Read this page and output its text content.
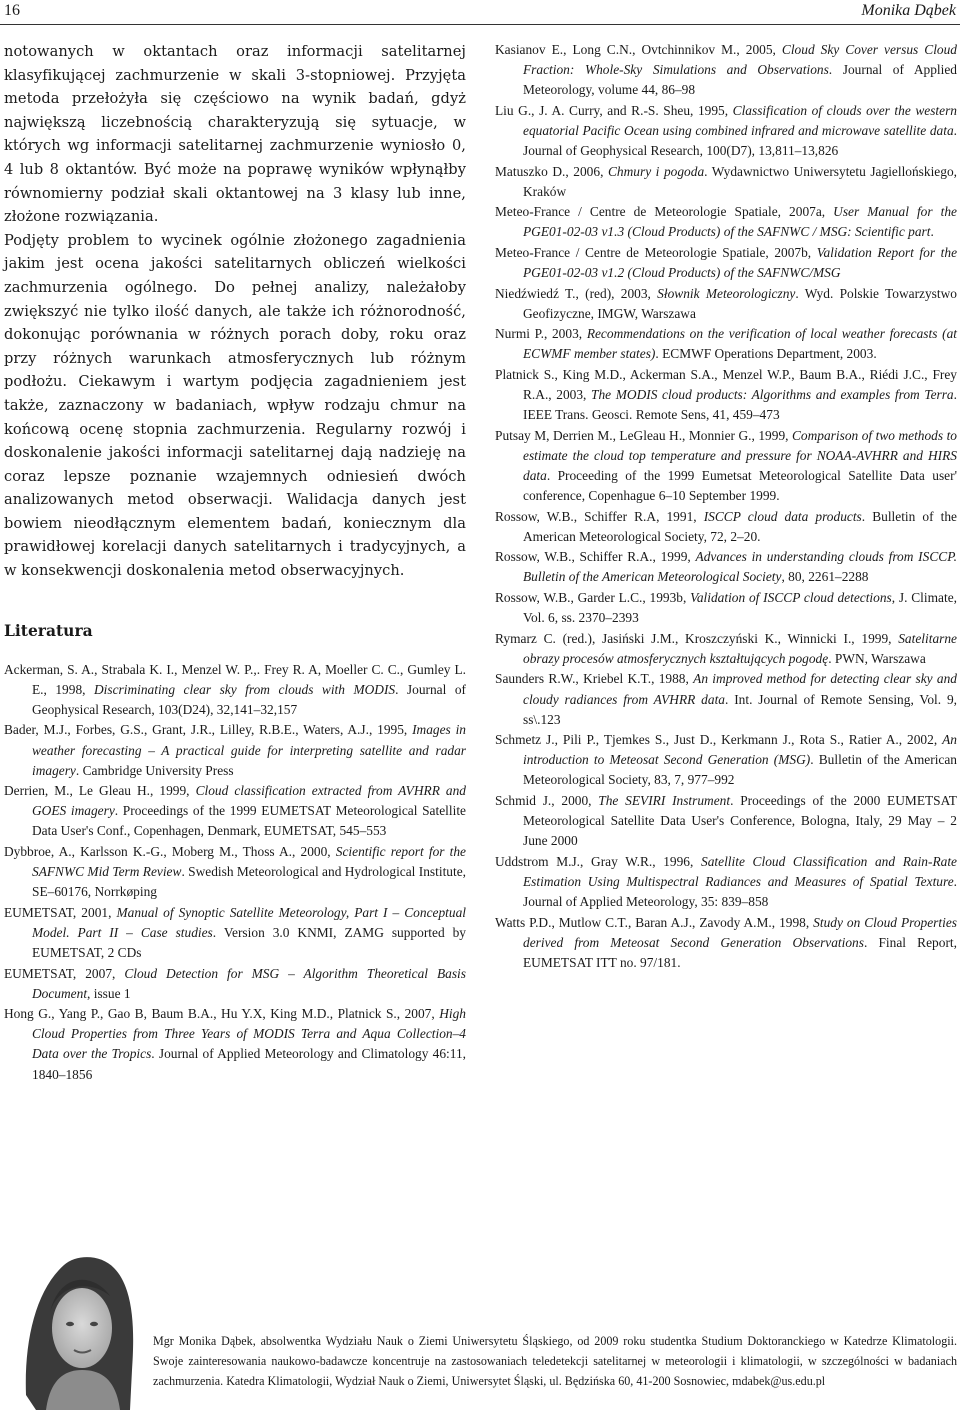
16	Monika Dąbek

notowanych w oktantach oraz informacji satelitarnej klasyfikującej zachmurzenie w skali 3-stopniowej. Przyjęta metoda przełożyła się częściowo na wynik badań, gdyż największą liczebnością charakteryzują się sytuacje, w których wg informacji satelitarnej zachmurzenie wyniosło 0, 4 lub 8 oktantów. Być może na poprawę wyników wpłynąłby równomierny podział skali oktantowej na 3 klasy lub inne, złożone rozwiązania.

Podjęty problem to wycinek ogólnie złożonego zagadnienia jakim jest ocena jakości satelitarnych obliczeń wielkości zachmurzenia ogólnego. Do pełnej analizy, należałoby zwiększyć nie tylko ilość danych, ale także ich różnorodność, dokonując porównania w różnych porach doby, roku oraz przy różnych warunkach atmosferycznych lub różnym podłożu. Ciekawym i wartym podjęcia zagadnieniem jest także, zaznaczony w badaniach, wpływ rodzaju chmur na końcową ocenę stopnia zachmurzenia. Regularny rozwój i doskonalenie jakości informacji satelitarnej dają nadzieję na coraz lepsze poznanie wzajemnych odniesień dwóch analizowanych metod obserwacji. Walidacja danych jest bowiem nieodłącznym elementem badań, koniecznym dla prawidłowej korelacji danych satelitarnych i tradycyjnych, a w konsekwencji doskonalenia metod obserwacyjnych.

Literatura
Ackerman, S. A., Strabala K. I., Menzel W. P.,. Frey R. A, Moeller C. C., Gumley L. E., 1998, Discriminating clear sky from clouds with MODIS. Journal of Geophysical Research, 103(D24), 32,141–32,157
Bader, M.J., Forbes, G.S., Grant, J.R., Lilley, R.B.E., Waters, A.J., 1995, Images in weather forecasting – A practical guide for interpreting satellite and radar imagery. Cambridge University Press
Derrien, M., Le Gleau H., 1999, Cloud classification extracted from AVHRR and GOES imagery. Proceedings of the 1999 EUMETSAT Meteorological Satellite Data User's Conf., Copenhagen, Denmark, EUMETSAT, 545–553
Dybbroe, A., Karlsson K.-G., Moberg M., Thoss A., 2000, Scientific report for the SAFNWC Mid Term Review. Swedish Meteorological and Hydrological Institute, SE–60176, Norrkøping
EUMETSAT, 2001, Manual of Synoptic Satellite Meteorology, Part I – Conceptual Model. Part II – Case studies. Version 3.0 KNMI, ZAMG supported by EUMETSAT, 2 CDs
EUMETSAT, 2007, Cloud Detection for MSG – Algorithm Theoretical Basis Document, issue 1
Hong G., Yang P., Gao B, Baum B.A., Hu Y.X, King M.D., Platnick S., 2007, High Cloud Properties from Three Years of MODIS Terra and Aqua Collection–4 Data over the Tropics. Journal of Applied Meteorology and Climatology 46:11, 1840–1856
Kasianov E., Long C.N., Ovtchinnikov M., 2005, Cloud Sky Cover versus Cloud Fraction: Whole-Sky Simulations and Observations. Journal of Applied Meteorology, volume 44, 86–98
Liu G., J. A. Curry, and R.-S. Sheu, 1995, Classification of clouds over the western equatorial Pacific Ocean using combined infrared and microwave satellite data. Journal of Geophysical Research, 100(D7), 13,811–13,826
Matuszko D., 2006, Chmury i pogoda. Wydawnictwo Uniwersytetu Jagiellońskiego, Kraków
Meteo-France / Centre de Meteorologie Spatiale, 2007a, User Manual for the PGE01-02-03 v1.3 (Cloud Products) of the SAFNWC / MSG: Scientific part.
Meteo-France / Centre de Meteorologie Spatiale, 2007b, Validation Report for the PGE01-02-03 v1.2 (Cloud Products) of the SAFNWC/MSG
Niedźwiedź T., (red), 2003, Słownik Meteorologiczny. Wyd. Polskie Towarzystwo Geofizyczne, IMGW, Warszawa
Nurmi P., 2003, Recommendations on the verification of local weather forecasts (at ECWMF member states). ECMWF Operations Department, 2003.
Platnick S., King M.D., Ackerman S.A., Menzel W.P., Baum B.A., Riédi J.C., Frey R.A., 2003, The MODIS cloud products: Algorithms and examples from Terra. IEEE Trans. Geosci. Remote Sens, 41, 459–473
Putsay M, Derrien M., LeGleau H., Monnier G., 1999, Comparison of two methods to estimate the cloud top temperature and pressure for NOAA-AVHRR and HIRS data. Proceeding of the 1999 Eumetsat Meteorological Satellite Data user' conference, Copenhague 6–10 September 1999.
Rossow, W.B., Schiffer R.A, 1991, ISCCP cloud data products. Bulletin of the American Meteorological Society, 72, 2–20.
Rossow, W.B., Schiffer R.A., 1999, Advances in understanding clouds from ISCCP. Bulletin of the American Meteorological Society, 80, 2261–2288
Rossow, W.B., Garder L.C., 1993b, Validation of ISCCP cloud detections, J. Climate, Vol. 6, ss. 2370–2393
Rymarz C. (red.), Jasiński J.M., Kroszczyński K., Winnicki I., 1999, Satelitarne obrazy procesów atmosferycznych kształtujących pogodę. PWN, Warszawa
Saunders R.W., Kriebel K.T., 1988, An improved method for detecting clear sky and cloudy radiances from AVHRR data. Int. Journal of Remote Sensing, Vol. 9, ss\.123
Schmetz J., Pili P., Tjemkes S., Just D., Kerkmann J., Rota S., Ratier A., 2002, An introduction to Meteosat Second Generation (MSG). Bulletin of the American Meteorological Society, 83, 7, 977–992
Schmid J., 2000, The SEVIRI Instrument. Proceedings of the 2000 EUMETSAT Meteorological Satellite Data User's Conference, Bologna, Italy, 29 May – 2 June 2000
Uddstrom M.J., Gray W.R., 1996, Satellite Cloud Classification and Rain-Rate Estimation Using Multispectral Radiances and Measures of Spatial Texture. Journal of Applied Meteorology, 35: 839–858
Watts P.D., Mutlow C.T., Baran A.J., Zavody A.M., 1998, Study on Cloud Properties derived from Meteosat Second Generation Observations. Final Report, EUMETSAT ITT no. 97/181.
Mgr Monika Dąbek, absolwentka Wydziału Nauk o Ziemi Uniwersytetu Śląskiego, od 2009 roku studentka Studium Doktoranckiego w Katedrze Klimatologii. Swoje zainteresowania naukowo-badawcze koncentruje na zastosowaniach teledetekcji satelitarnej w meteorologii i klimatologii, w szczególności w badaniach zachmurzenia. Katedra Klimatologii, Wydział Nauk o Ziemi, Uniwersytet Śląski, ul. Będzińska 60, 41-200 Sosnowiec, mdabek@us.edu.pl
